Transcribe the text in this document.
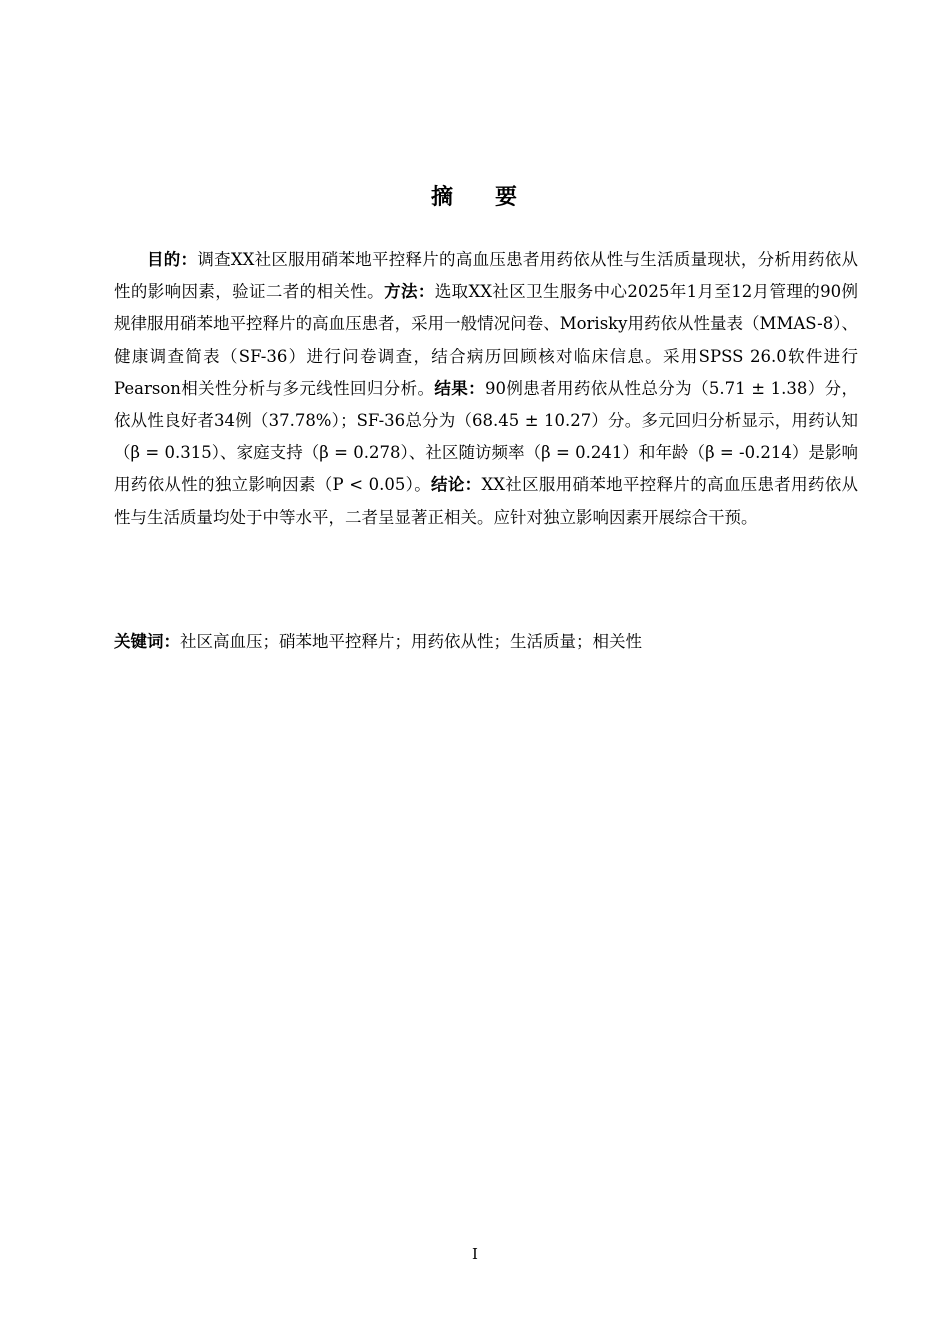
摘 要

目的：调查XX社区服用硝苯地平控释片的高血压患者用药依从性与生活质量现状，分析用药依从性的影响因素，验证二者的相关性。方法：选取XX社区卫生服务中心2025年1月至12月管理的90例规律服用硝苯地平控释片的高血压患者，采用一般情况问卷、Morisky用药依从性量表（MMAS-8）、健康调查简表（SF-36）进行问卷调查，结合病历回顾核对临床信息。采用SPSS 26.0软件进行Pearson相关性分析与多元线性回归分析。结果：90例患者用药依从性总分为（5.71 ± 1.38）分，依从性良好者34例（37.78%）；SF-36总分为（68.45 ± 10.27）分。多元回归分析显示，用药认知（β = 0.315）、家庭支持（β = 0.278）、社区随访频率（β = 0.241）和年龄（β = -0.214）是影响用药依从性的独立影响因素（P < 0.05）。结论：XX社区服用硝苯地平控释片的高血压患者用药依从性与生活质量均处于中等水平，二者呈显著正相关。应针对独立影响因素开展综合干预。

关键词：社区高血压；硝苯地平控释片；用药依从性；生活质量；相关性

I
